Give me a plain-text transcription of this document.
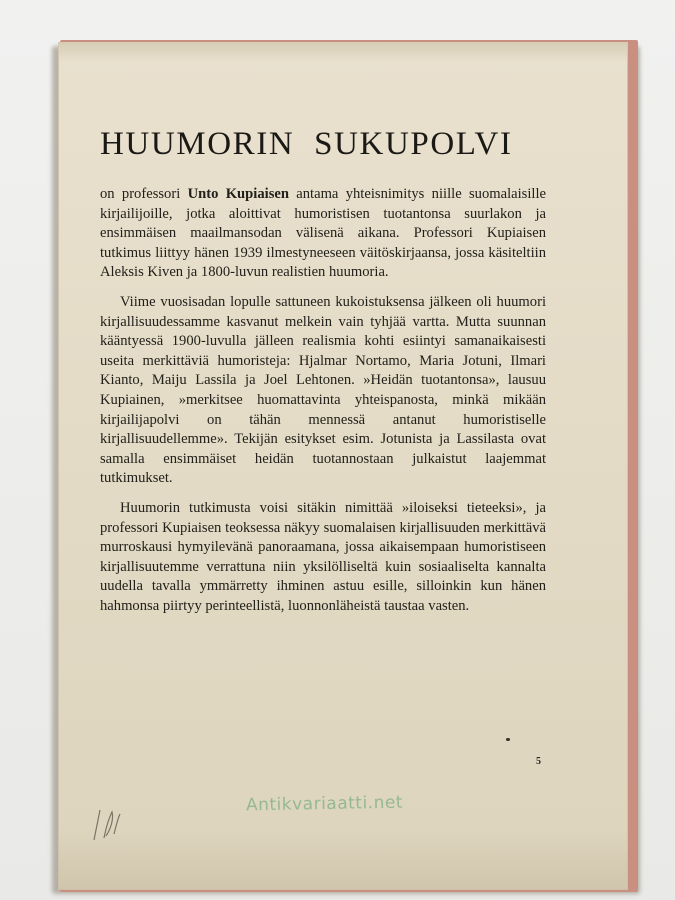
HUUMORIN SUKUPOLVI

on professori Unto Kupiaisen antama yhteisnimitys niille suomalaisille kirjailijoille, jotka aloittivat humoristisen tuotantonsa suurlakon ja ensimmäisen maailmansodan välisenä aikana. Professori Kupiaisen tutkimus liittyy hänen 1939 ilmestyneeseen väitöskirjaansa, jossa käsiteltiin Aleksis Kiven ja 1800-luvun realistien huumoria.

Viime vuosisadan lopulle sattuneen kukoistuksensa jälkeen oli huumori kirjallisuudessamme kasvanut melkein vain tyhjää vartta. Mutta suunnan kääntyessä 1900-luvulla jälleen realismia kohti esiintyi samanaikaisesti useita merkittäviä humoristeja: Hjalmar Nortamo, Maria Jotuni, Ilmari Kianto, Maiju Lassila ja Joel Lehtonen. »Heidän tuotantonsa», lausuu Kupiainen, »merkitsee huomattavinta yhteispanosta, minkä mikään kirjailijapolvi on tähän mennessä antanut humoristiselle kirjallisuudellemme». Tekijän esitykset esim. Jotunista ja Lassilasta ovat samalla ensimmäiset heidän tuotannostaan julkaistut laajemmat tutkimukset.

Huumorin tutkimusta voisi sitäkin nimittää »iloiseksi tieteeksi», ja professori Kupiaisen teoksessa näkyy suomalaisen kirjallisuuden merkittävä murroskausi hymyilevänä panoraamana, jossa aikaisempaan humoristiseen kirjallisuutemme verrattuna niin yksilölliseltä kuin sosiaaliselta kannalta uudella tavalla ymmärretty ihminen astuu esille, silloinkin kun hänen hahmonsa piirtyy perinteellistä, luonnonläheistä taustaa vasten.

5
Antikvariaatti.net
